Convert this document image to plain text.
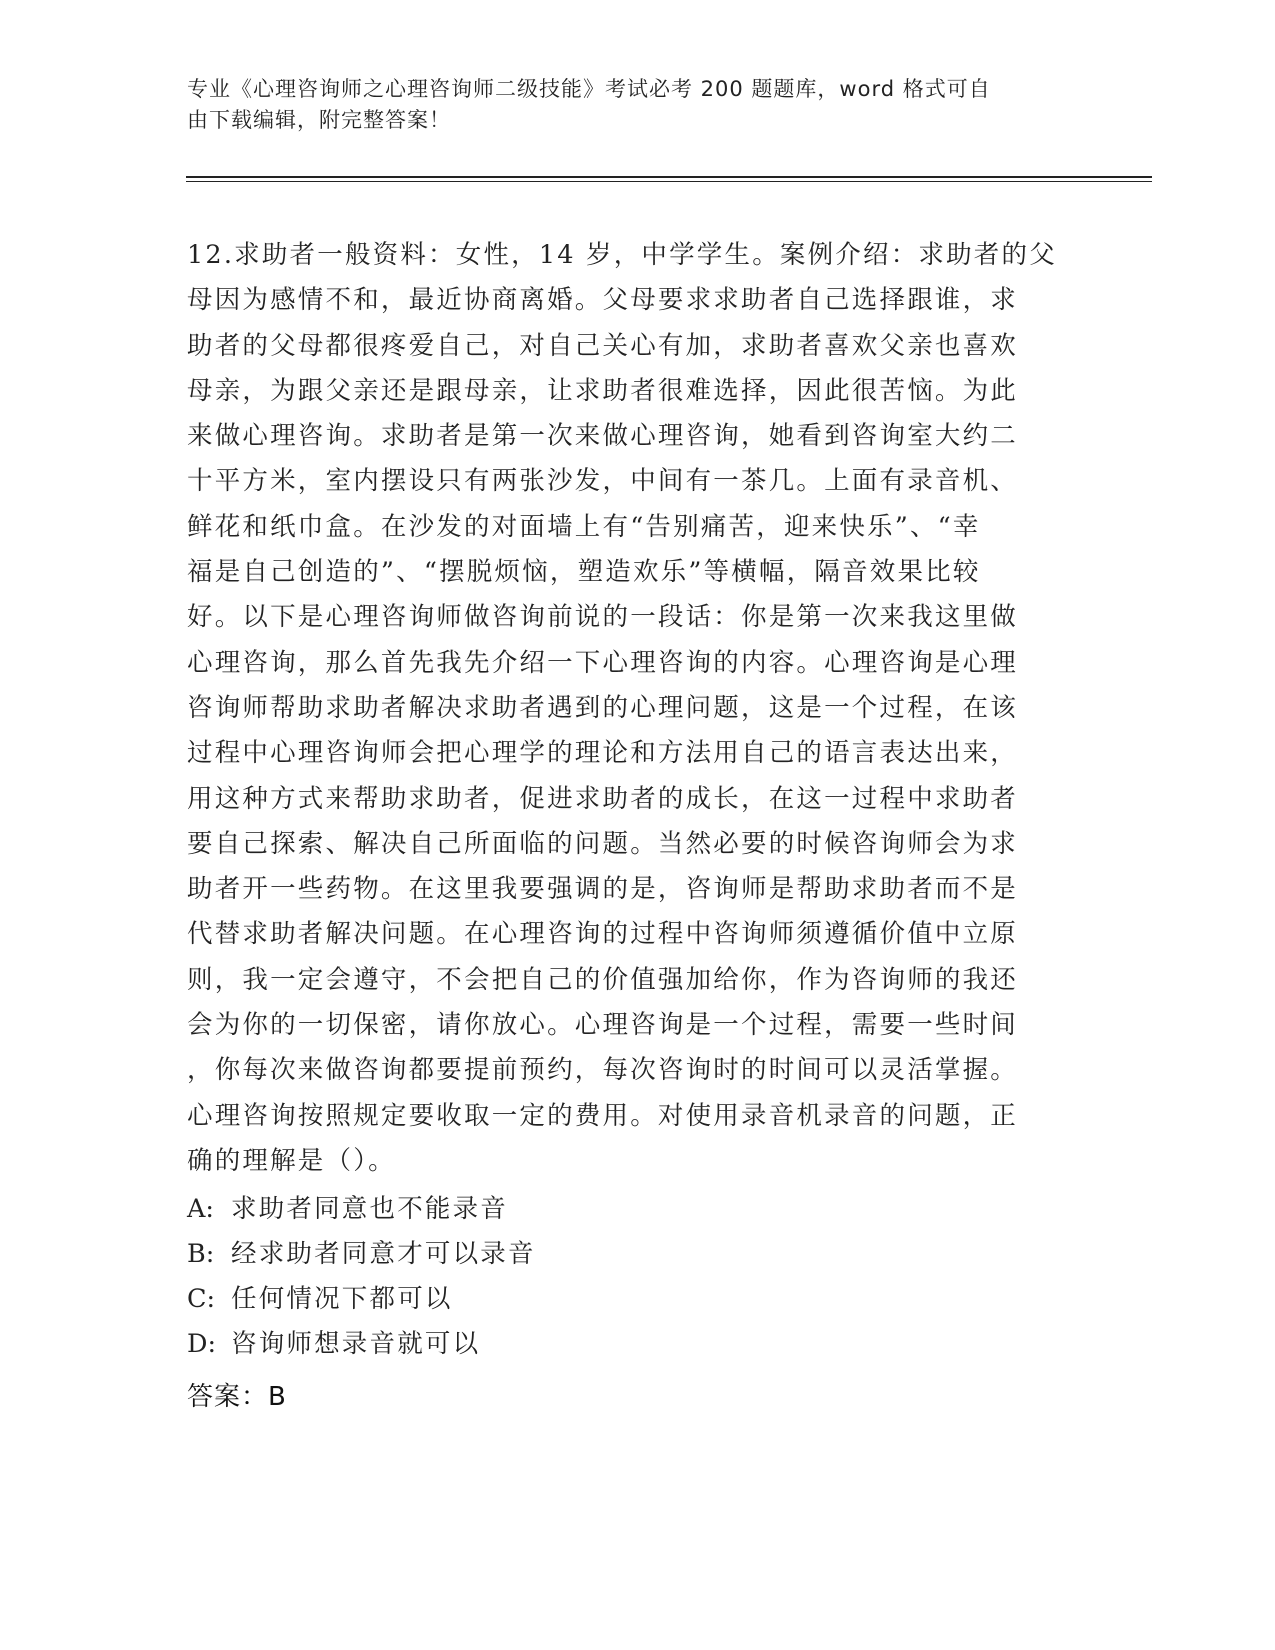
专业《心理咨询师之心理咨询师二级技能》考试必考 200 题题库，word 格式可自
由下载编辑，附完整答案！
12.求助者一般资料：女性，14 岁，中学学生。案例介绍：求助者的父
母因为感情不和，最近协商离婚。父母要求求助者自己选择跟谁，求
助者的父母都很疼爱自己，对自己关心有加，求助者喜欢父亲也喜欢
母亲，为跟父亲还是跟母亲，让求助者很难选择，因此很苦恼。为此
来做心理咨询。求助者是第一次来做心理咨询，她看到咨询室大约二
十平方米，室内摆设只有两张沙发，中间有一茶几。上面有录音机、
鲜花和纸巾盒。在沙发的对面墙上有“告别痛苦，迎来快乐”、“幸
福是自己创造的”、“摆脱烦恼，塑造欢乐”等横幅，隔音效果比较
好。以下是心理咨询师做咨询前说的一段话：你是第一次来我这里做
心理咨询，那么首先我先介绍一下心理咨询的内容。心理咨询是心理
咨询师帮助求助者解决求助者遇到的心理问题，这是一个过程，在该
过程中心理咨询师会把心理学的理论和方法用自己的语言表达出来，
用这种方式来帮助求助者，促进求助者的成长，在这一过程中求助者
要自己探索、解决自己所面临的问题。当然必要的时候咨询师会为求
助者开一些药物。在这里我要强调的是，咨询师是帮助求助者而不是
代替求助者解决问题。在心理咨询的过程中咨询师须遵循价值中立原
则，我一定会遵守，不会把自己的价值强加给你，作为咨询师的我还
会为你的一切保密，请你放心。心理咨询是一个过程，需要一些时间
，你每次来做咨询都要提前预约，每次咨询时的时间可以灵活掌握。
心理咨询按照规定要收取一定的费用。对使用录音机录音的问题，正
确的理解是（）。
A: 求助者同意也不能录音
B: 经求助者同意才可以录音
C: 任何情况下都可以
D: 咨询师想录音就可以
答案：B
